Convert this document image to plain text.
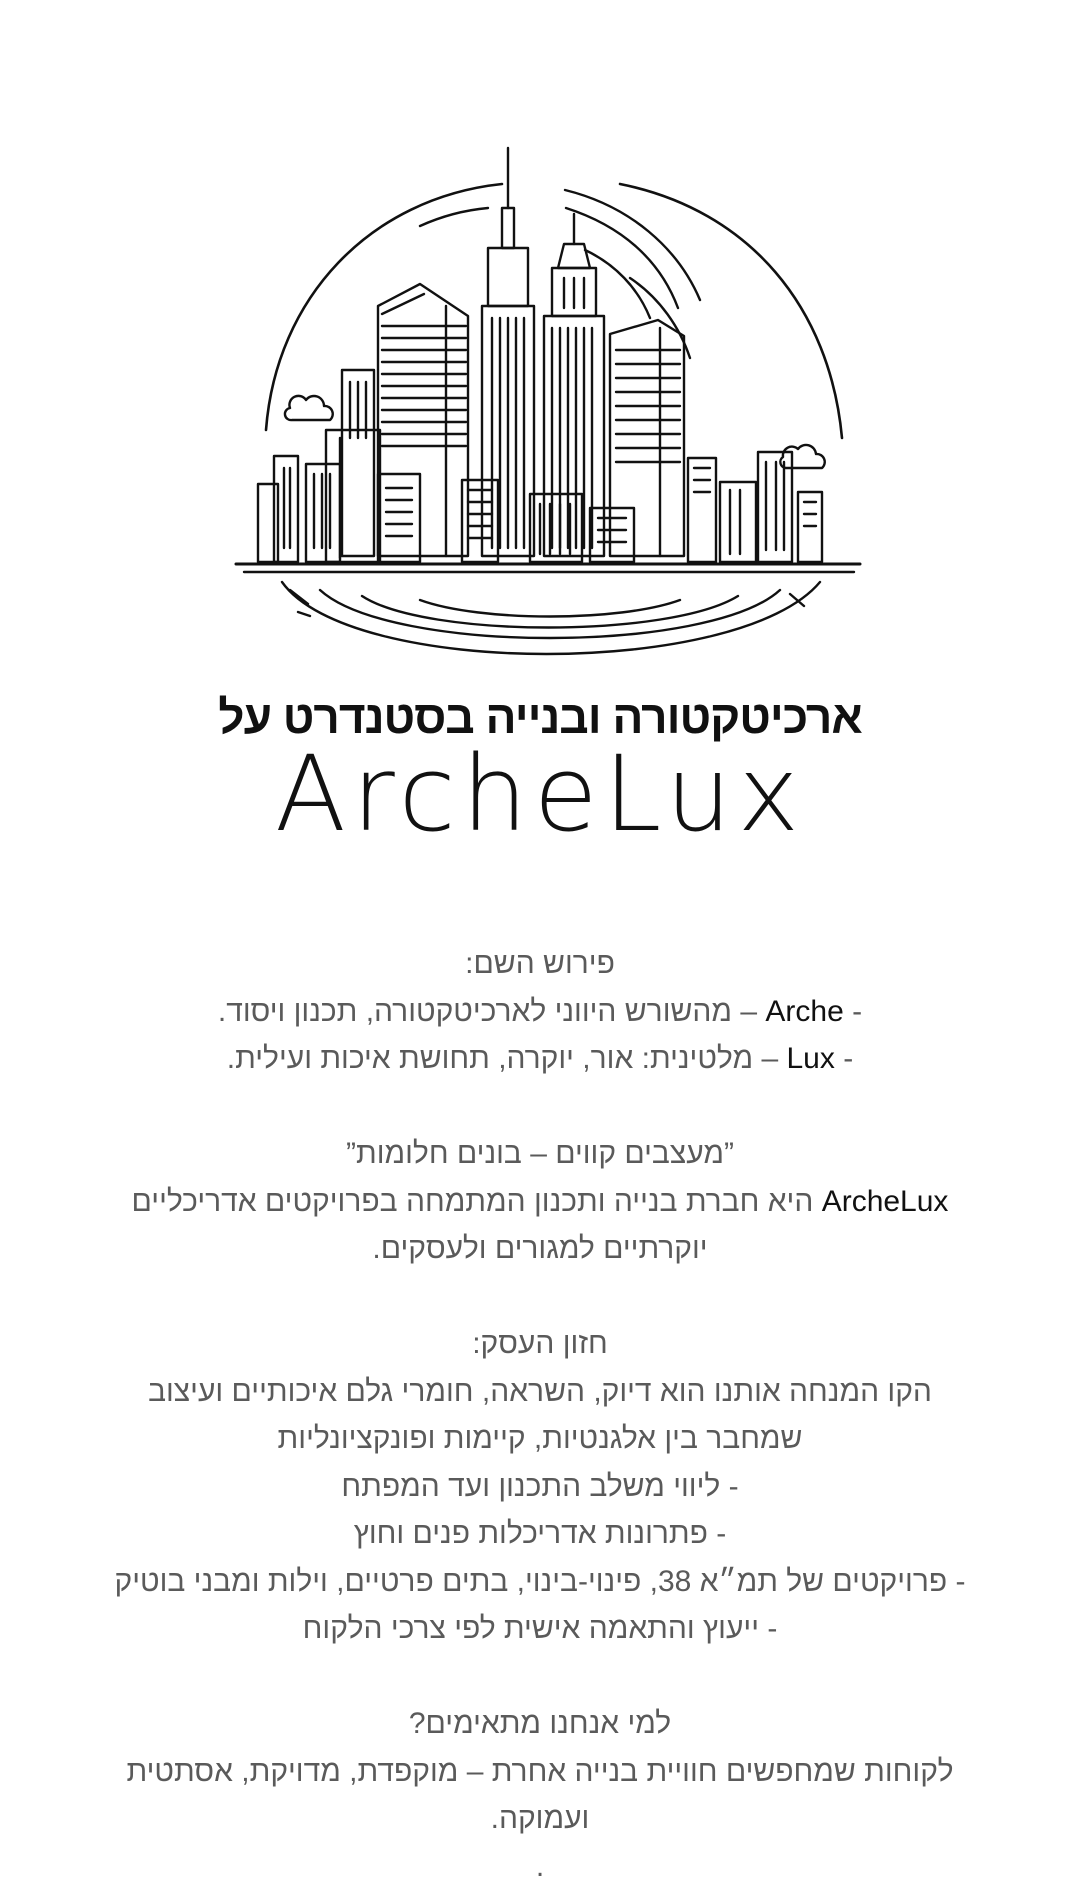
ארכיטקטורה ובנייה בסטנדרט על
ArcheLux

פירוש השם:

- Arche – מהשורש היווני לארכיטקטורה, תכנון ויסוד.

- Lux – מלטינית: אור, יוקרה, תחושת איכות ועילית.

”מעצבים קווים – בונים חלומות”

ArcheLux היא חברת בנייה ותכנון המתמחה בפרויקטים אדריכליים יוקרתיים למגורים ולעסקים.

חזון העסק:

הקו המנחה אותנו הוא דיוק, השראה, חומרי גלם איכותיים ועיצוב שמחבר בין אלגנטיות, קיימות ופונקציונליות

- ליווי משלב התכנון ועד המפתח

- פתרונות אדריכלות פנים וחוץ

- פרויקטים של תמ״א 38, פינוי-בינוי, בתים פרטיים, וילות ומבני בוטיק

- ייעוץ והתאמה אישית לפי צרכי הלקוח

למי אנחנו מתאימים?

לקוחות שמחפשים חוויית בנייה אחרת – מוקפדת, מדויקת, אסתטית ועמוקה.

.
